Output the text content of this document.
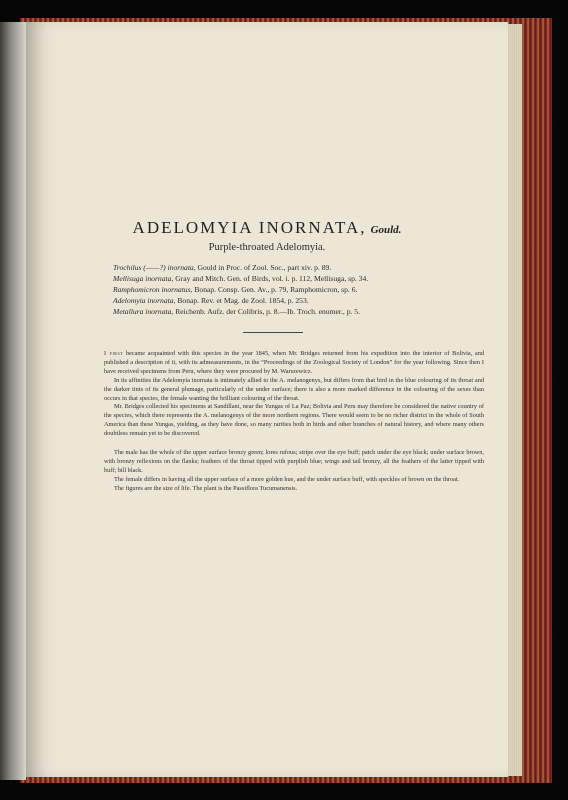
ADELOMYIA INORNATA, Gould.
Purple-throated Adelomyia.
Trochilus (——?) inornata, Gould in Proc. of Zool. Soc., part xiv. p. 89.
Mellisuga inornata, Gray and Mitch. Gen. of Birds, vol. i. p. 112, Mellisuga, sp. 34.
Ramphomicron inornatus, Bonap. Consp. Gen. Av., p. 79, Ramphomicron, sp. 6.
Adelomyia inornata, Bonap. Rev. et Mag. de Zool. 1854, p. 253.
Metallura inornata, Reichenb. Aufz. der Colibris, p. 8.—Ib. Troch. enumer., p. 5.

I first became acquainted with this species in the year 1845, when Mr. Bridges returned from his expedition into the interior of Bolivia, and published a description of it, with its admeasurements, in the “Proceedings of the Zoological Society of London” for the year following. Since then I have received specimens from Peru, where they were procured by M. Warszewicz.

In its affinities the Adelomyia inornata is intimately allied to the A. melanogenys, but differs from that bird in the blue colouring of its throat and the darker tints of its general plumage, particularly of the under surface; there is also a more marked difference in the colouring of the sexes than occurs in that species, the female wanting the brilliant colouring of the throat.

Mr. Bridges collected his specimens at Sandillani, near the Yungas of La Paz; Bolivia and Peru may therefore be considered the native country of the species, which there represents the A. melanogenys of the more northern regions. There would seem to be no richer district in the whole of South America than these Yungas, yielding, as they have done, so many rarities both in birds and other branches of natural history, and where many others doubtless remain yet to be discovered.

The male has the whole of the upper surface bronzy green; lores rufous; stripe over the eye buff; patch under the eye black; under surface brown, with bronzy reflexions on the flanks; feathers of the throat tipped with purplish blue; wings and tail bronzy, all the feathers of the latter tipped with buff; bill black.

The female differs in having all the upper surface of a more golden hue, and the under surface buff, with speckles of brown on the throat.

The figures are the size of life. The plant is the Passiflora Tucumanensis.
